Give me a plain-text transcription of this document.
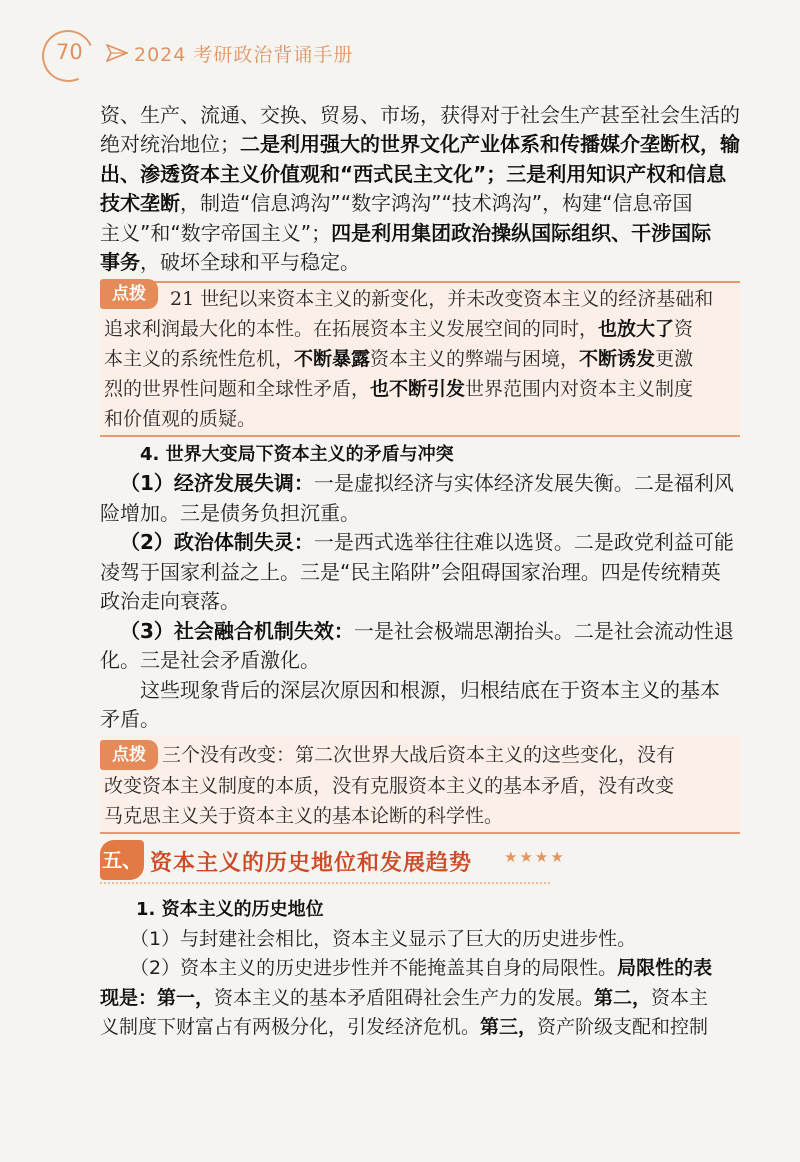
70	2024 考研政治背诵手册
资、生产、流通、交换、贸易、市场，获得对于社会生产甚至社会生活的
绝对统治地位；二是利用强大的世界文化产业体系和传播媒介垄断权，输
出、渗透资本主义价值观和“西式民主文化”；三是利用知识产权和信息
技术垄断，制造“信息鸿沟”“数字鸿沟”“技术鸿沟”，构建“信息帝国
主义”和“数字帝国主义”；四是利用集团政治操纵国际组织、干涉国际
事务，破坏全球和平与稳定。
点拨	21 世纪以来资本主义的新变化，并未改变资本主义的经济基础和
追求利润最大化的本性。在拓展资本主义发展空间的同时，也放大了资
本主义的系统性危机，不断暴露资本主义的弊端与困境，不断诱发更激
烈的世界性问题和全球性矛盾，也不断引发世界范围内对资本主义制度
和价值观的质疑。
4. 世界大变局下资本主义的矛盾与冲突
（1）经济发展失调：一是虚拟经济与实体经济发展失衡。二是福利风
险增加。三是债务负担沉重。
（2）政治体制失灵：一是西式选举往往难以选贤。二是政党利益可能
凌驾于国家利益之上。三是“民主陷阱”会阻碍国家治理。四是传统精英
政治走向衰落。
（3）社会融合机制失效：一是社会极端思潮抬头。二是社会流动性退
化。三是社会矛盾激化。
这些现象背后的深层次原因和根源，归根结底在于资本主义的基本
矛盾。
点拨 三个没有改变：第二次世界大战后资本主义的这些变化，没有
改变资本主义制度的本质，没有克服资本主义的基本矛盾，没有改变
马克思主义关于资本主义的基本论断的科学性。
五、 资本主义的历史地位和发展趋势 ★★★★
1. 资本主义的历史地位
（1）与封建社会相比，资本主义显示了巨大的历史进步性。
（2）资本主义的历史进步性并不能掩盖其自身的局限性。局限性的表
现是：第一，资本主义的基本矛盾阻碍社会生产力的发展。第二，资本主
义制度下财富占有两极分化，引发经济危机。第三，资产阶级支配和控制
